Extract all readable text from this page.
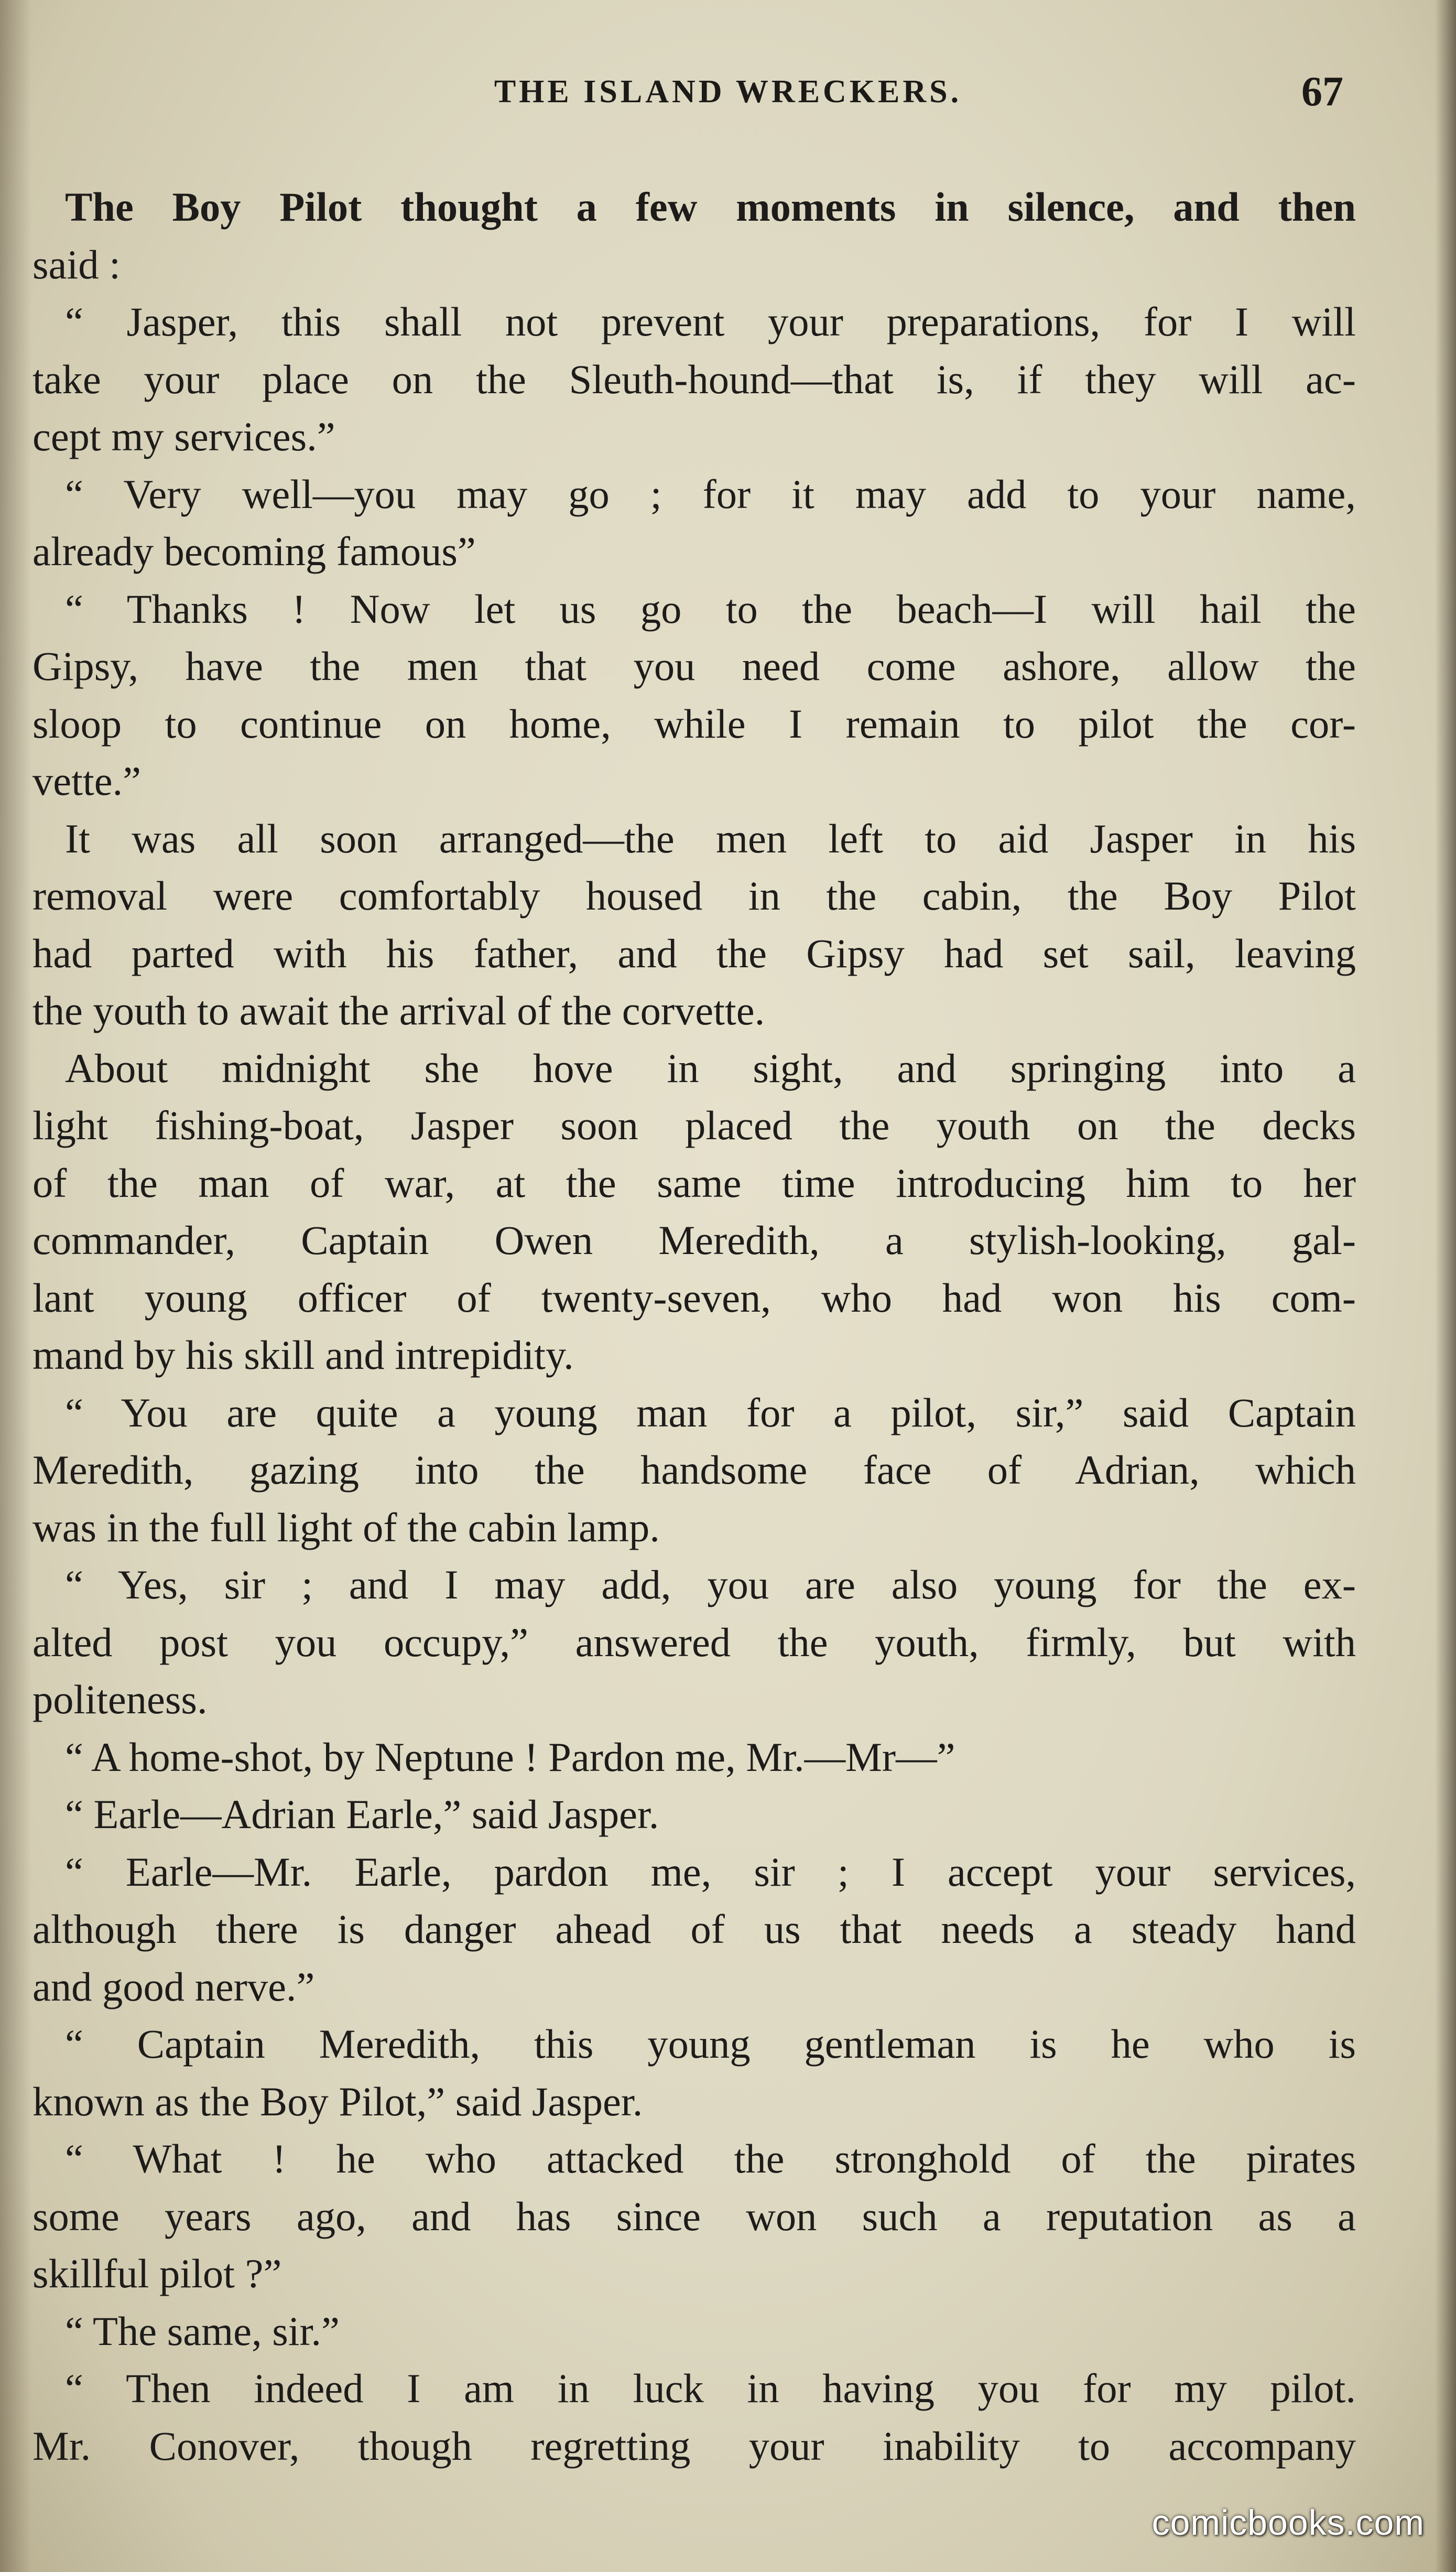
THE ISLAND WRECKERS.	67
The Boy Pilot thought a few moments in silence, and then
said :
“ Jasper, this shall not prevent your preparations, for I will
take your place on the Sleuth-hound—that is, if they will ac-
cept my services.”
“ Very well—you may go ; for it may add to your name,
already becoming famous”
“ Thanks ! Now let us go to the beach—I will hail the
Gipsy, have the men that you need come ashore, allow the
sloop to continue on home, while I remain to pilot the cor-
vette.”
It was all soon arranged—the men left to aid Jasper in his
removal were comfortably housed in the cabin, the Boy Pilot
had parted with his father, and the Gipsy had set sail, leaving
the youth to await the arrival of the corvette.
About midnight she hove in sight, and springing into a
light fishing-boat, Jasper soon placed the youth on the decks
of the man of war, at the same time introducing him to her
commander, Captain Owen Meredith, a stylish-looking, gal-
lant young officer of twenty-seven, who had won his com-
mand by his skill and intrepidity.
“ You are quite a young man for a pilot, sir,” said Captain
Meredith, gazing into the handsome face of Adrian, which
was in the full light of the cabin lamp.
“ Yes, sir ; and I may add, you are also young for the ex-
alted post you occupy,” answered the youth, firmly, but with
politeness.
“ A home-shot, by Neptune ! Pardon me, Mr.—Mr—”
“ Earle—Adrian Earle,” said Jasper.
“ Earle—Mr. Earle, pardon me, sir ; I accept your services,
although there is danger ahead of us that needs a steady hand
and good nerve.”
“ Captain Meredith, this young gentleman is he who is
known as the Boy Pilot,” said Jasper.
“ What ! he who attacked the stronghold of the pirates
some years ago, and has since won such a reputation as a
skillful pilot ?”
“ The same, sir.”
“ Then indeed I am in luck in having you for my pilot.
Mr. Conover, though regretting your inability to accompany
comicbooks.com
